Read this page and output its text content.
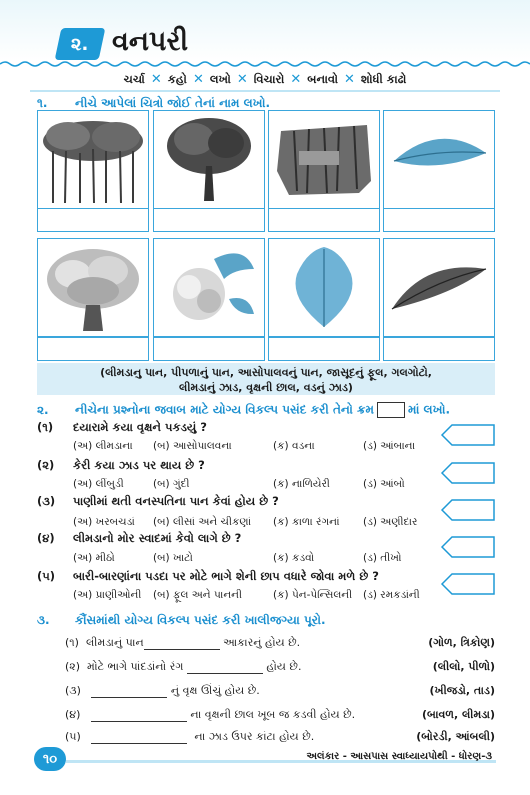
૨. વનપરી
ચર્ચા ✕ કહો ✕ લખો ✕ વિચારો ✕ બનાવો ✕ શોધી કાઢો
૧. નીચે આપેલાં ચિત્રો જોઈ તેનાં નામ લખો.
(લીમડાનુ પાન, પીપળાનું પાન, આસોપાલવનું પાન, જાસૂદનું ફૂલ, ગલગોટો,
લીમડાનું ઝાડ, વૃક્ષની છાલ, વડનું ઝાડ)
૨. નીચેના પ્રશ્નોના જવાબ માટે યોગ્ય વિકલ્પ પસંદ કરી તેનો ક્રમ	માં લખો.
(૧) દયારામે કયા વૃક્ષને પકડયું ?
(અ) લીમડાના (બ) આસોપાલવના	(ક) વડના	(ડ) આંબાના
(૨) કેરી કયા ઝાડ પર થાય છે ?
(અ) લીંબુડી	(બ) ગુંદી	(ક) નાળિયેરી	(ડ) આંબો
(૩) પાણીમાં થતી વનસ્પતિના પાન કેવાં હોય છે ?
(અ) ખરબચડાં (બ) લીસાં અને ચીકણાં (ક) કાળા રંગનાં (ડ) અણીદાર
(૪) લીમડાનો મોર સ્વાદમાં કેવો લાગે છે ?
(અ) મીઠો	(બ) ખાટો	(ક) કડવો	(ડ) તીખો
(૫) બારી-બારણાંના પડદા પર મોટે ભાગે શેની છાપ વધારે જોવા મળે છે ?
(અ) પ્રાણીઓની (બ) ફૂલ અને પાનની	(ક) પેન-પેન્સિલની (ડ) રમકડાંની
૩. કૌંસમાંથી યોગ્ય વિકલ્પ પસંદ કરી ખાલીજગ્યા પૂરો.
(૧) લીમડાનું પાન	આકારનું હોય છે.	(ગોળ, ત્રિકોણ)
(૨) મોટે ભાગે પાંદડાંનો રંગ	હોય છે.	(લીલો, પીળો)
(૩)	નું વૃક્ષ ઊંચું હોય છે.	(ખીજડો, તાડ)
(૪)	ના વૃક્ષની છાલ ખૂબ જ કડવી હોય છે.	(બાવળ, લીમડા)
(૫)	ના ઝાડ ઉપર કાંટા હોય છે.	(બોરડી, આંબલી)
૧૦	અલંકાર - આસપાસ સ્વાધ્યાયપોથી - ધોરણ-૩
